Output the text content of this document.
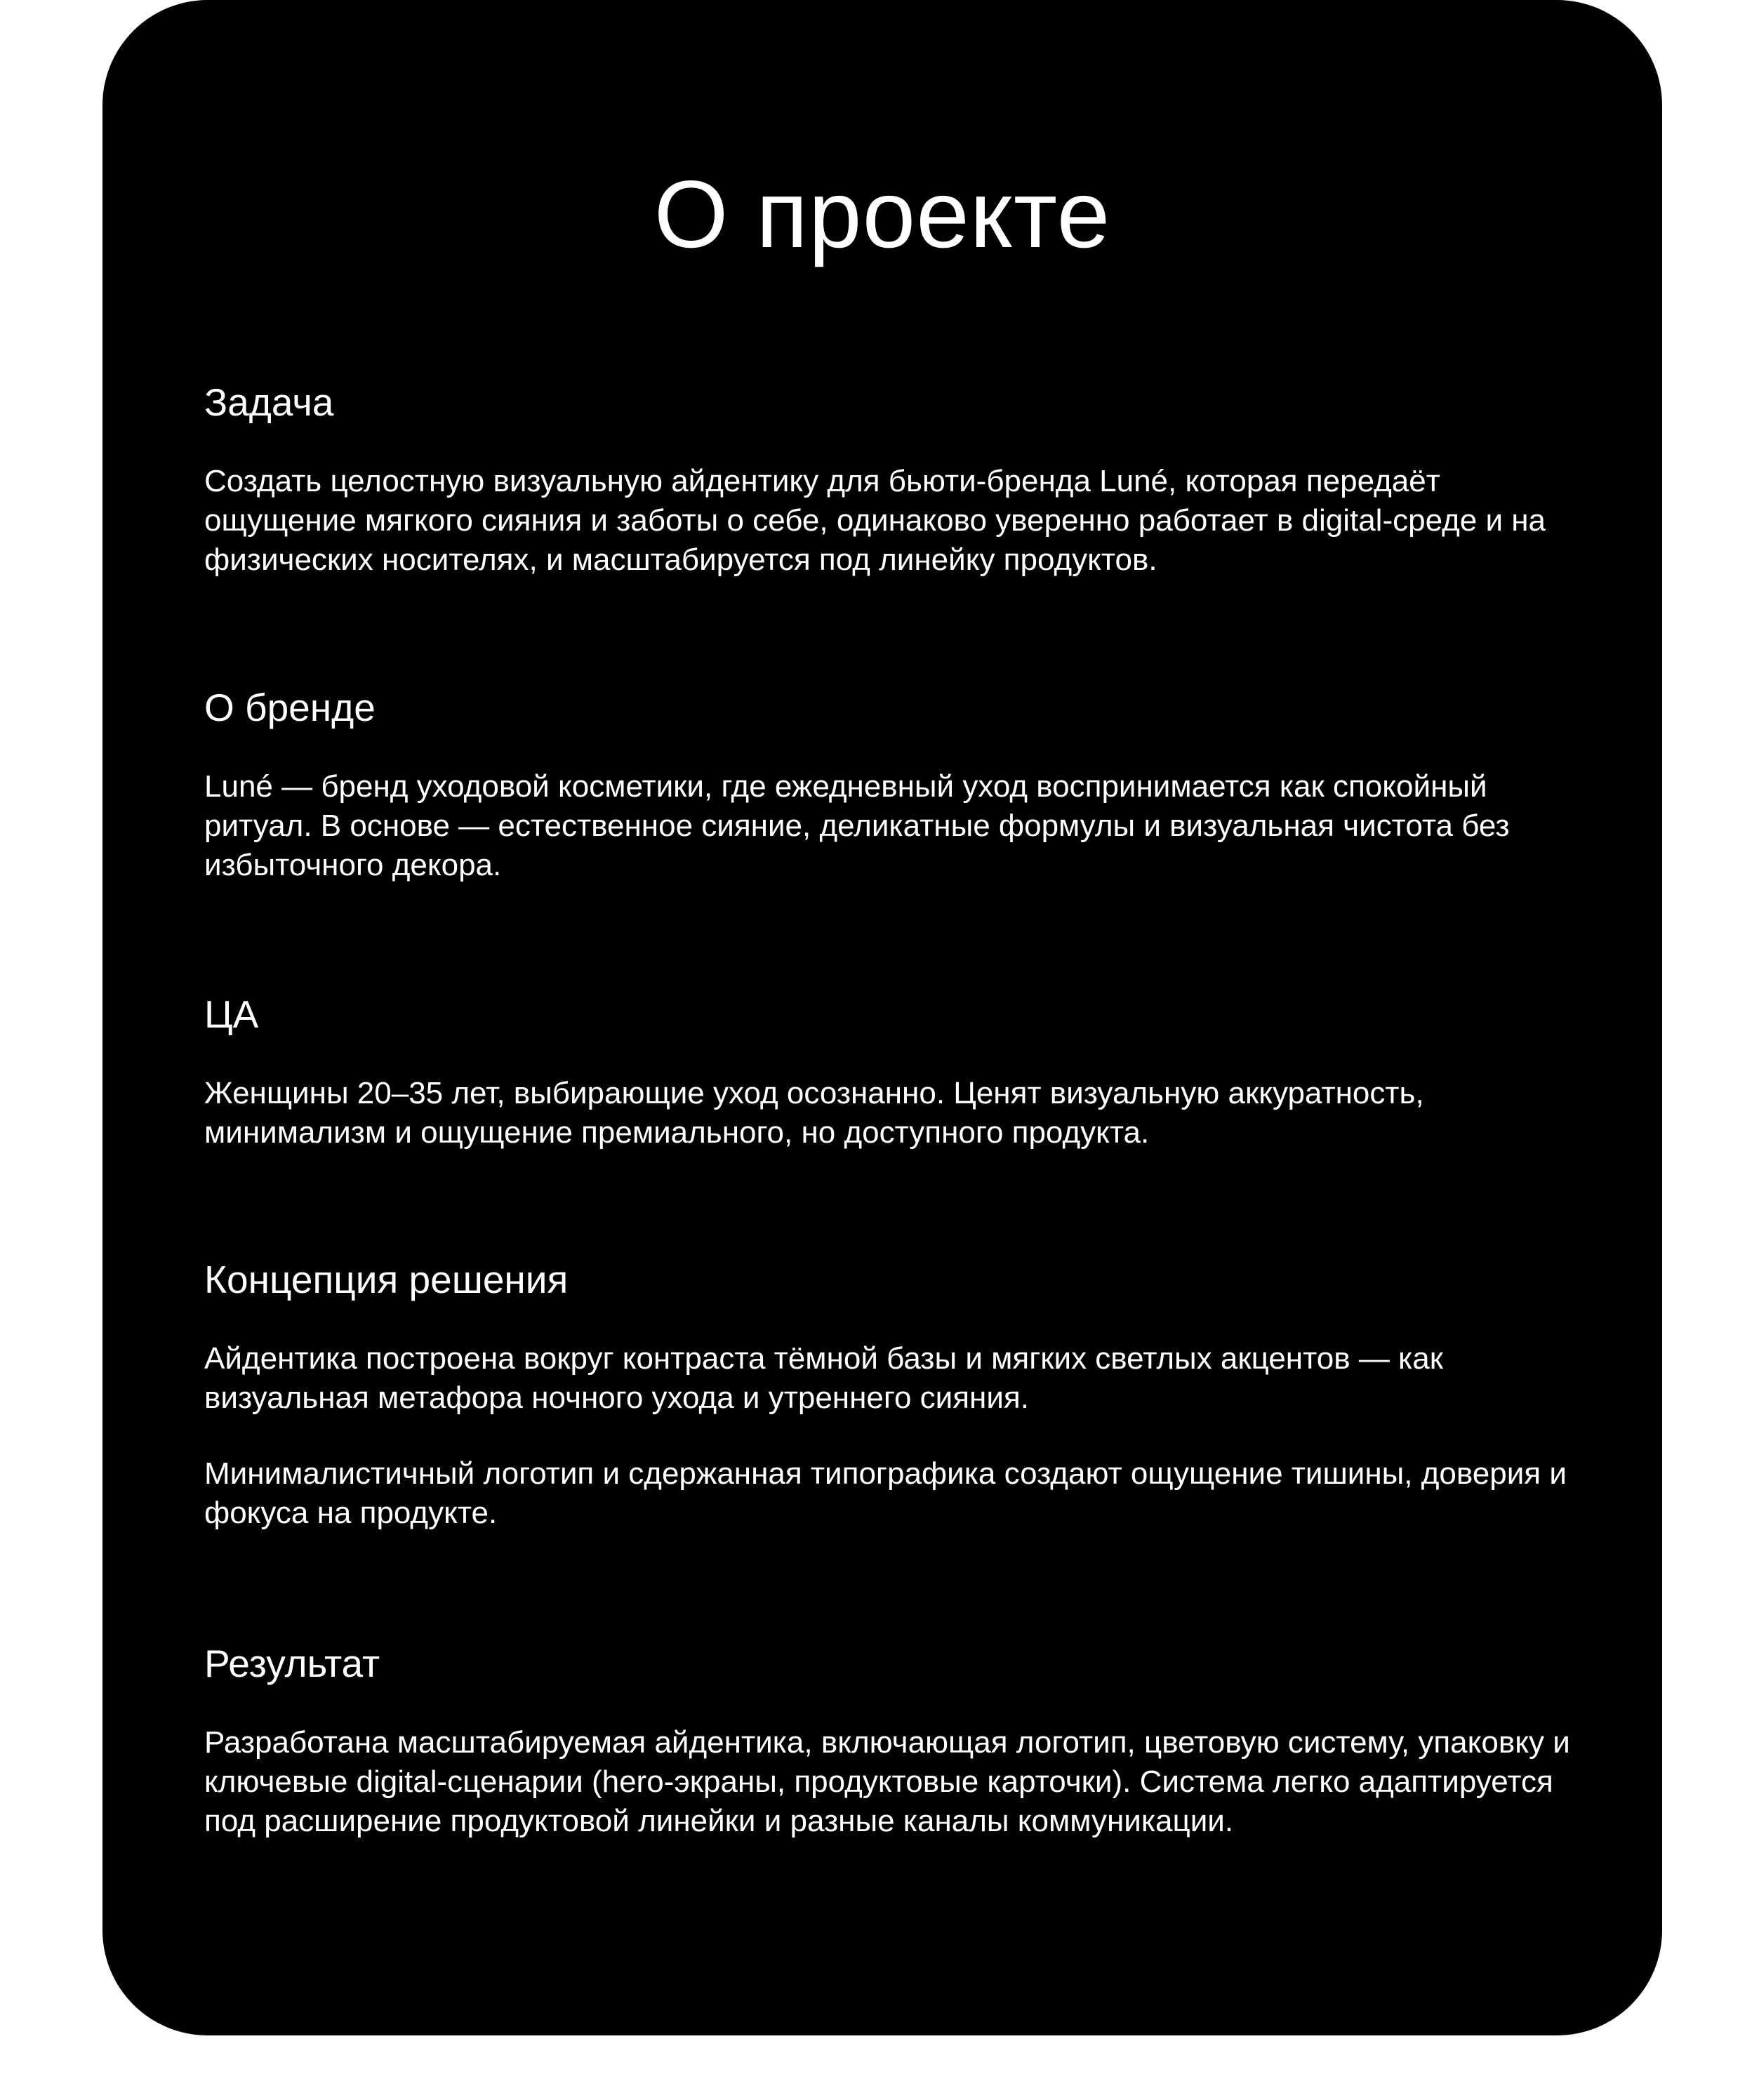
О проекте
Задача

Создать целостную визуальную айдентику для бьюти-бренда Luné, которая передаёт ощущение мягкого сияния и заботы о себе, одинаково уверенно работает в digital-среде и на физических носителях, и масштабируется под линейку продуктов.

О бренде

Luné — бренд уходовой косметики, где ежедневный уход воспринимается как спокойный ритуал. В основе — естественное сияние, деликатные формулы и визуальная чистота без избыточного декора.

ЦА

Женщины 20–35 лет, выбирающие уход осознанно. Ценят визуальную аккуратность, минимализм и ощущение премиального, но доступного продукта.

Концепция решения

Айдентика построена вокруг контраста тёмной базы и мягких светлых акцентов — как визуальная метафора ночного ухода и утреннего сияния.

Минималистичный логотип и сдержанная типографика создают ощущение тишины, доверия и фокуса на продукте.

Результат

Разработана масштабируемая айдентика, включающая логотип, цветовую систему, упаковку и ключевые digital-сценарии (hero-экраны, продуктовые карточки). Система легко адаптируется под расширение продуктовой линейки и разные каналы коммуникации.
